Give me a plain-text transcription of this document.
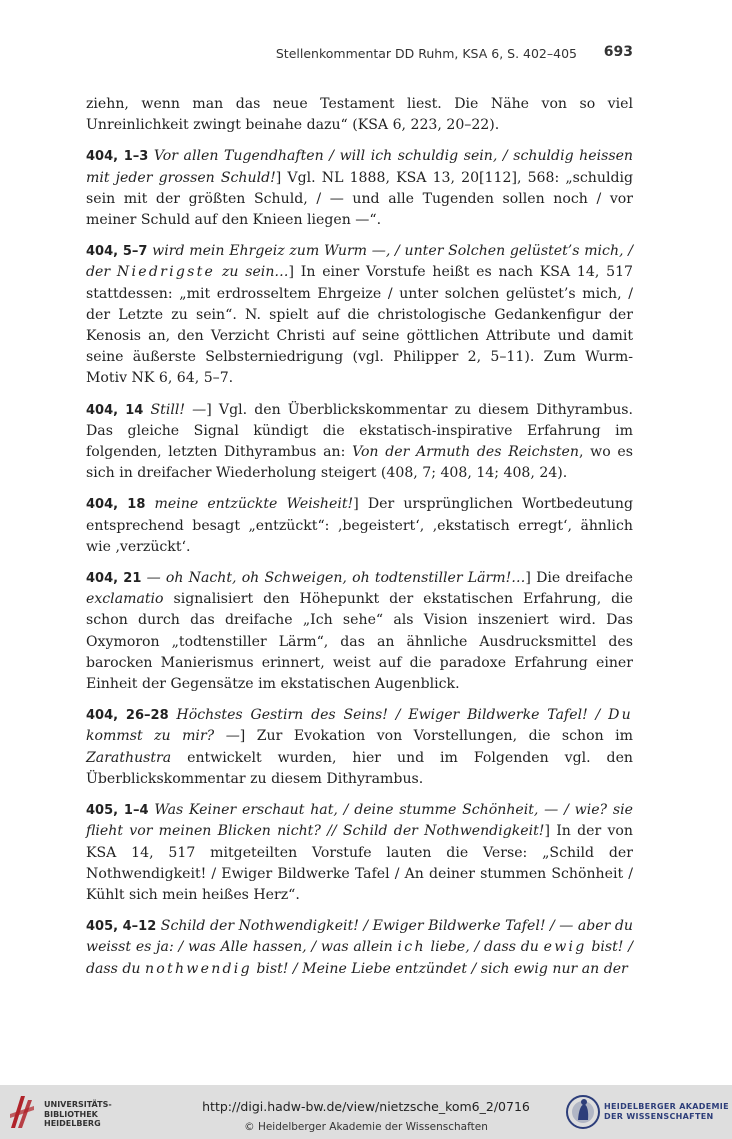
Stellenkommentar DD Ruhm, KSA 6, S. 402–405 693

ziehn, wenn man das neue Testament liest. Die Nähe von so viel Unreinlichkeit zwingt beinahe dazu“ (KSA 6, 223, 20–22).

404, 1–3 Vor allen Tugendhaften / will ich schuldig sein, / schuldig heissen mit jeder grossen Schuld!] Vgl. NL 1888, KSA 13, 20[112], 568: „schuldig sein mit der größten Schuld, / — und alle Tugenden sollen noch / vor meiner Schuld auf den Knieen liegen —“.

404, 5–7 wird mein Ehrgeiz zum Wurm —, / unter Solchen gelüstet’s mich, / der Niedrigste zu sein…] In einer Vorstufe heißt es nach KSA 14, 517 stattdessen: „mit erdrosseltem Ehrgeize / unter solchen gelüstet’s mich, / der Letzte zu sein“. N. spielt auf die christologische Gedankenfigur der Kenosis an, den Verzicht Christi auf seine göttlichen Attribute und damit seine äußerste Selbsterniedrigung (vgl. Philipper 2, 5–11). Zum Wurm-Motiv NK 6, 64, 5–7.

404, 14 Still! —] Vgl. den Überblickskommentar zu diesem Dithyrambus. Das gleiche Signal kündigt die ekstatisch-inspirative Erfahrung im folgenden, letzten Dithyrambus an: Von der Armuth des Reichsten, wo es sich in dreifacher Wiederholung steigert (408, 7; 408, 14; 408, 24).

404, 18 meine entzückte Weisheit!] Der ursprünglichen Wortbedeutung entsprechend besagt „entzückt“: ‚begeistert‘, ‚ekstatisch erregt‘, ähnlich wie ‚verzückt‘.

404, 21 — oh Nacht, oh Schweigen, oh todtenstiller Lärm!…] Die dreifache exclamatio signalisiert den Höhepunkt der ekstatischen Erfahrung, die schon durch das dreifache „Ich sehe“ als Vision inszeniert wird. Das Oxymoron „todtenstiller Lärm“, das an ähnliche Ausdrucksmittel des barocken Manierismus erinnert, weist auf die paradoxe Erfahrung einer Einheit der Gegensätze im ekstatischen Augenblick.

404, 26–28 Höchstes Gestirn des Seins! / Ewiger Bildwerke Tafel! / Du kommst zu mir? —] Zur Evokation von Vorstellungen, die schon im Zarathustra entwickelt wurden, hier und im Folgenden vgl. den Überblickskommentar zu diesem Dithyrambus.

405, 1–4 Was Keiner erschaut hat, / deine stumme Schönheit, — / wie? sie flieht vor meinen Blicken nicht? // Schild der Nothwendigkeit!] In der von KSA 14, 517 mitgeteilten Vorstufe lauten die Verse: „Schild der Nothwendigkeit! / Ewiger Bildwerke Tafel / An deiner stummen Schönheit / Kühlt sich mein heißes Herz“.

405, 4–12 Schild der Nothwendigkeit! / Ewiger Bildwerke Tafel! / — aber du weisst es ja: / was Alle hassen, / was allein ich liebe, / dass du ewig bist! / dass du nothwendig bist! / Meine Liebe entzündet / sich ewig nur an der

UNIVERSITÄTS-
BIBLIOTHEK
HEIDELBERG
http://digi.hadw-bw.de/view/nietzsche_kom6_2/0716
© Heidelberger Akademie der Wissenschaften
HEIDELBERGER AKADEMIE
DER WISSENSCHAFTEN
